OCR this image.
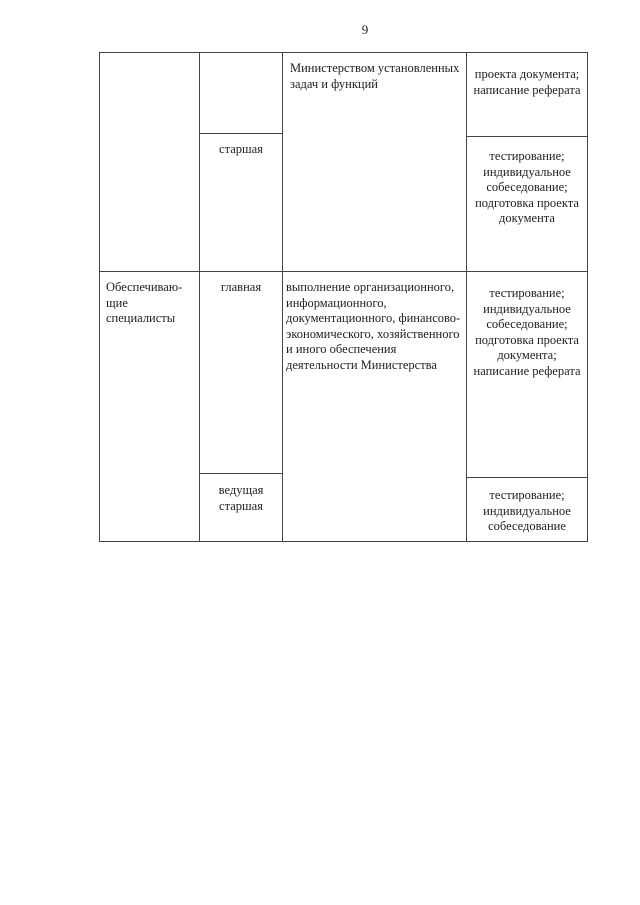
9
Министерством установленных задач и функций
проекта документа; написание реферата
старшая	тестирование; индивидуальное собеседование; подготовка проекта документа
Обеспечиваю-щие специалисты
главная	выполнение организационного, информационного, документационного, финансово-экономического, хозяйственного и иного обеспечения деятельности Министерства
тестирование; индивидуальное собеседование; подготовка проекта документа; написание реферата
ведущая старшая
тестирование; индивидуальное собеседование
